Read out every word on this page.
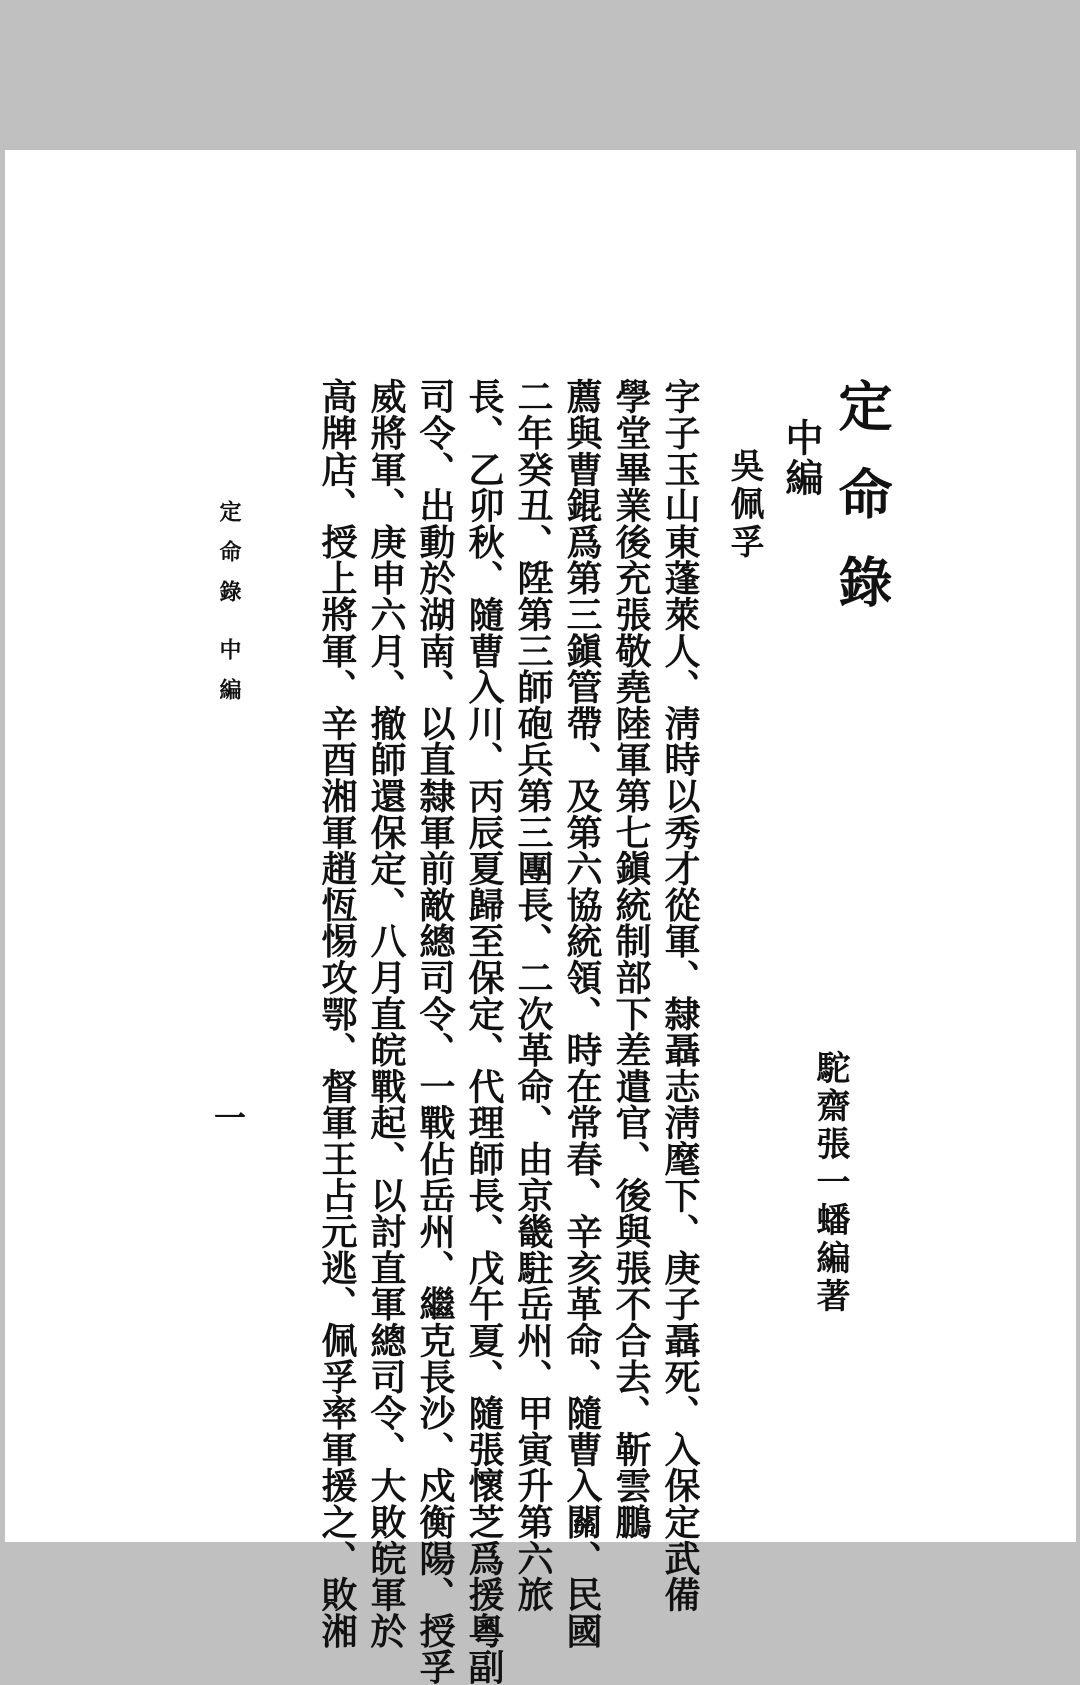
定命錄
駝齋張一蟠編著
中編
吳佩孚
字子玉山東蓬萊人、淸時以秀才從軍、隸聶志淸麾下、庚子聶死、入保定武備
學堂畢業後充張敬堯陸軍第七鎭統制部下差遣官、後與張不合去、靳雲鵬
薦與曹錕爲第三鎭管帶、及第六協統領、時在常春、辛亥革命、隨曹入關、民國
二年癸丑、陞第三師砲兵第三團長、二次革命、由京畿駐岳州、甲寅升第六旅
長、乙卯秋、隨曹入川、丙辰夏歸至保定、代理師長、戊午夏、隨張懷芝爲援粵副
司令、出動於湖南、以直隸軍前敵總司令、一戰佔岳州、繼克長沙、戍衡陽、授孚
威將軍、庚申六月、撤師還保定、八月直皖戰起、以討直軍總司令、大敗皖軍於
高牌店、授上將軍、辛酉湘軍趙恆惕攻鄂、督軍王占元逃、佩孚率軍援之、敗湘
定命錄中編
一
